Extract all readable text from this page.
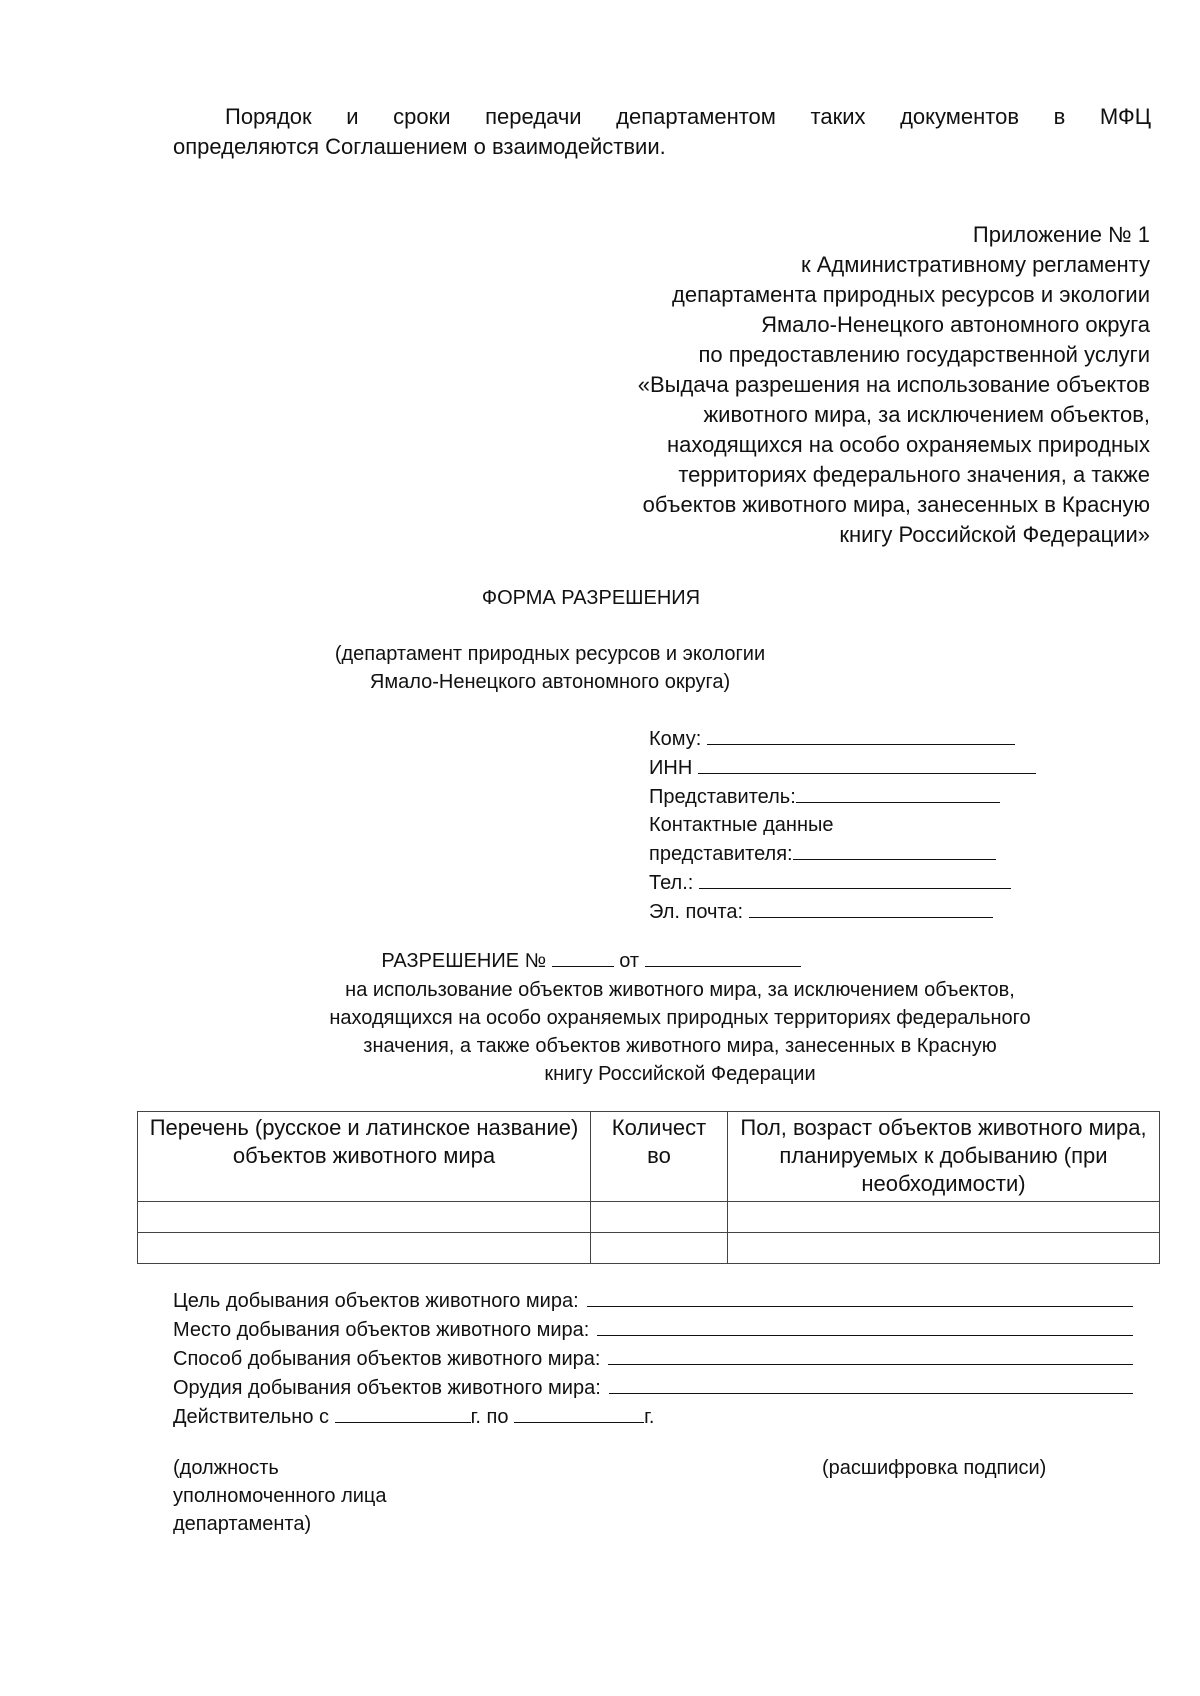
Порядок и сроки передачи департаментом таких документов в МФЦ
определяются Соглашением о взаимодействии.
Приложение № 1
к Административному регламенту
департамента природных ресурсов и экологии
Ямало-Ненецкого автономного округа
по предоставлению государственной услуги
«Выдача разрешения на использование объектов
животного мира, за исключением объектов,
находящихся на особо охраняемых природных
территориях федерального значения, а также
объектов животного мира, занесенных в Красную
книгу Российской Федерации»
ФОРМА РАЗРЕШЕНИЯ
(департамент природных ресурсов и экологии
Ямало-Ненецкого автономного округа)
Кому:
ИНН
Представитель:
Контактные данные
представителя:
Тел.:
Эл. почта:
РАЗРЕШЕНИЕ №	от
на использование объектов животного мира, за исключением объектов,
находящихся на особо охраняемых природных территориях федерального
значения, а также объектов животного мира, занесенных в Красную
книгу Российской Федерации
Перечень (русское и латинское название) объектов животного мира	Количест во	Пол, возраст объектов животного мира, планируемых к добыванию (при необходимости)

Цель добывания объектов животного мира:
Место добывания объектов животного мира:
Способ добывания объектов животного мира:
Орудия добывания объектов животного мира:
Действительно с	г. по	г.
(должность
уполномоченного лица
департамента)
(расшифровка подписи)
